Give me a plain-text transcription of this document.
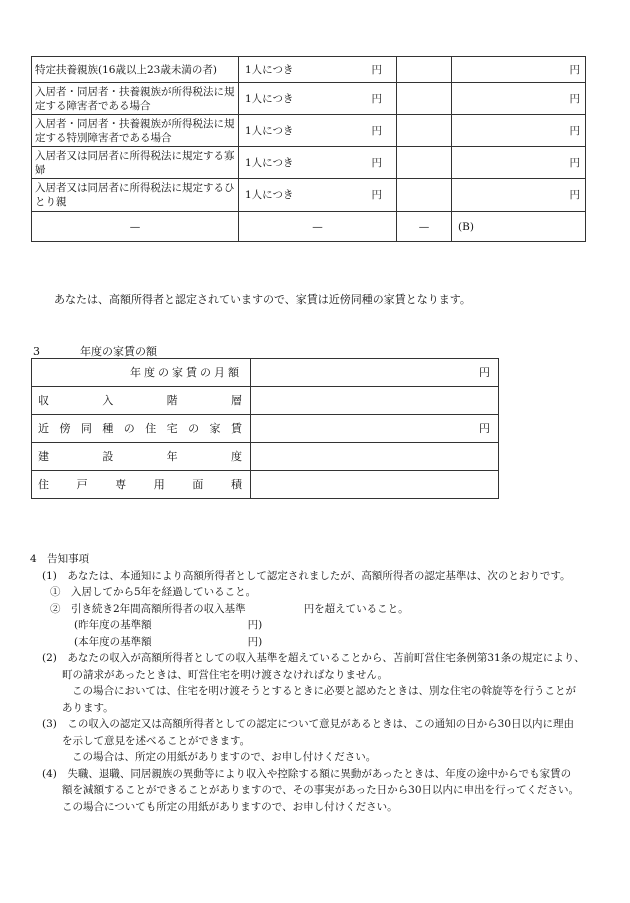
特定扶養親族(16歳以上23歳未満の者)	1人につき 円		円
入居者・同居者・扶養親族が所得税法に規定する障害者である場合	1人につき 円		円
入居者・同居者・扶養親族が所得税法に規定する特別障害者である場合	1人につき 円		円
入居者又は同居者に所得税法に規定する寡婦	1人につき 円		円
入居者又は同居者に所得税法に規定するひとり親	1人につき 円		円
—	—	—	(B)
あなたは、高額所得者と認定されていますので、家賃は近傍同種の家賃となります。
3	年度の家賃の額
年度の家賃の月額	円
収入階層	
近傍同種の住宅の家賃	円
建設年度	
住戸専用面積	

4　告知事項

(1)　あなたは、本通知により高額所得者として認定されましたが、高額所得者の認定基準は、次のとおりです。

①　入居してから5年を経過していること。

②　引き続き2年間高額所得者の収入基準	円を超えていること。

(昨年度の基準額	円)

(本年度の基準額	円)

(2)　あなたの収入が高額所得者としての収入基準を超えていることから、苫前町営住宅条例第31条の規定により、

町の請求があったときは、町営住宅を明け渡さなければなりません。

この場合においては、住宅を明け渡そうとするときに必要と認めたときは、別な住宅の斡旋等を行うことが

あります。

(3)　この収入の認定又は高額所得者としての認定について意見があるときは、この通知の日から30日以内に理由

を示して意見を述べることができます。

この場合は、所定の用紙がありますので、お申し付けください。

(4)　失職、退職、同居親族の異動等により収入や控除する額に異動があったときは、年度の途中からでも家賃の

額を減額することができることがありますので、その事実があった日から30日以内に申出を行ってください。

この場合についても所定の用紙がありますので、お申し付けください。
